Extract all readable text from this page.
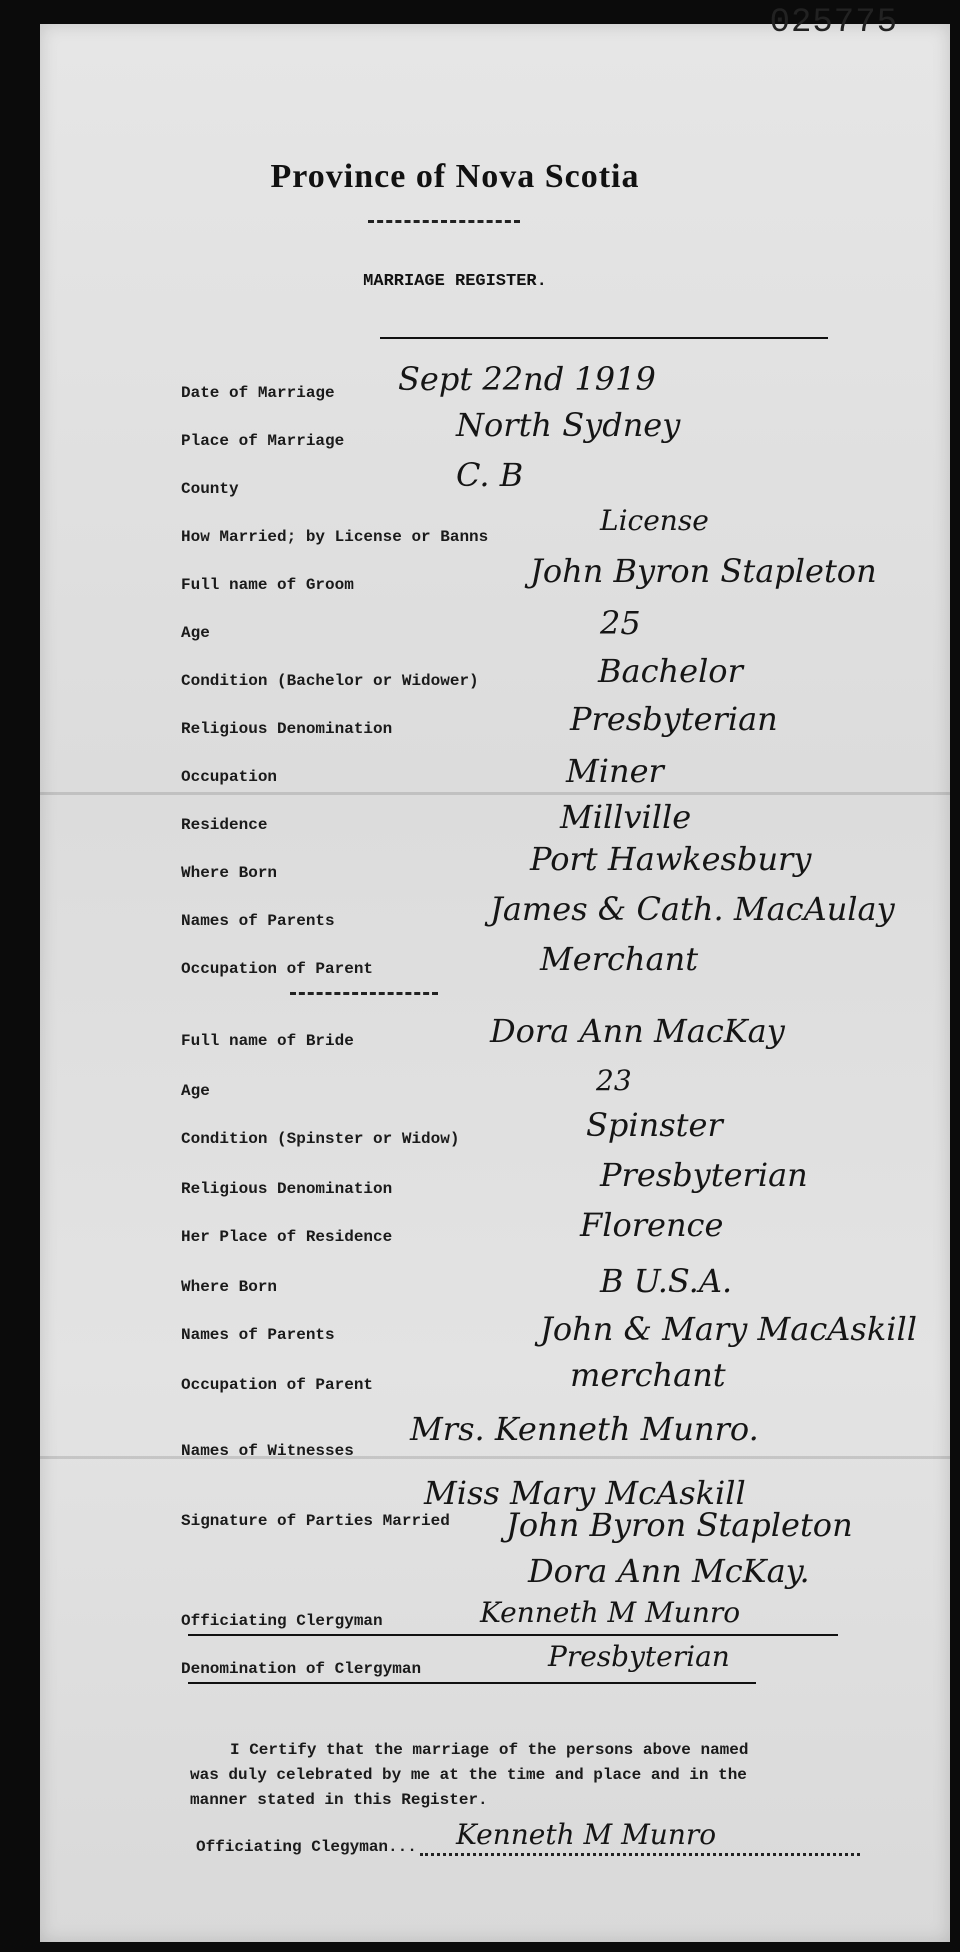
025775
Province of Nova Scotia
MARRIAGE REGISTER.
Date of Marriage Sept 22nd 1919
Place of Marriage	North Sydney
County	C. B
How Married; by License or Banns	License
Full name of Groom	John Byron Stapleton
Age	25
Condition (Bachelor or Widower)	Bachelor
Religious Denomination	Presbyterian
Occupation	Miner
Residence	Millville
Where Born	Port Hawkesbury
Names of Parents	James & Cath. MacAulay
Occupation of Parent	Merchant
Full name of Bride	Dora Ann MacKay
Age	23
Condition (Spinster or Widow)	Spinster
Religious Denomination	Presbyterian
Her Place of Residence	Florence
Where Born	B U.S.A.
Names of Parents	John & Mary MacAskill
Occupation of Parent	merchant
Names of Witnesses
Mrs. Kenneth Munro.
Miss Mary McAskill
Signature of Parties Married John Byron Stapleton
Dora Ann McKay.
Officiating Clergyman	Kenneth M Munro
Denomination of Clergyman	Presbyterian
I Certify that the marriage of the persons above named
was duly celebrated by me at the time and place and in the
manner stated in this Register.
Officiating Clegyman... Kenneth M Munro
